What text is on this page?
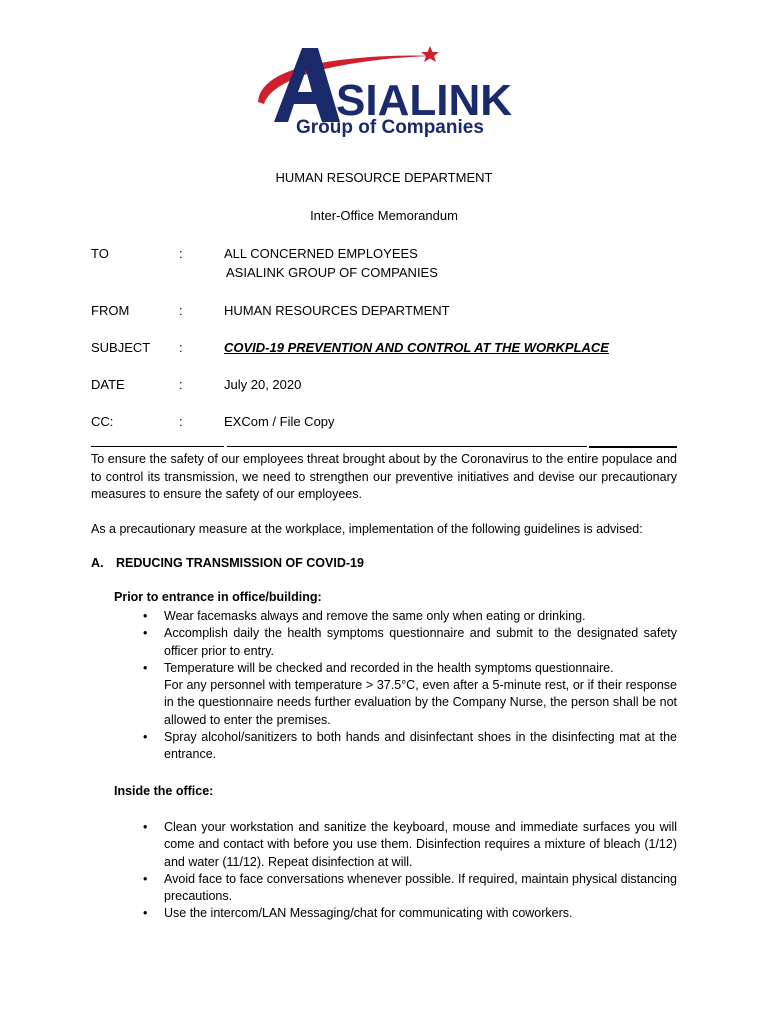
SIALINK
Group of Companies
HUMAN RESOURCE DEPARTMENT
Inter-Office Memorandum
TO	:	ALL CONCERNED EMPLOYEES
ASIALINK GROUP OF COMPANIES
FROM	:	HUMAN RESOURCES DEPARTMENT
SUBJECT :	COVID-19 PREVENTION AND CONTROL AT THE WORKPLACE
DATE	:	July 20, 2020
CC:	:	EXCom / File Copy
To ensure the safety of our employees threat brought about by the Coronavirus to the entire populace and to control its transmission, we need to strengthen our preventive initiatives and devise our precautionary measures to ensure the safety of our employees.
As a precautionary measure at the workplace, implementation of the following guidelines is advised:
A. REDUCING TRANSMISSION OF COVID-19
Prior to entrance in office/building:
• Wear facemasks always and remove the same only when eating or drinking.
• Accomplish daily the health symptoms questionnaire and submit to the designated safety officer prior to entry.
• Temperature will be checked and recorded in the health symptoms questionnaire.
For any personnel with temperature > 37.5°C, even after a 5-minute rest, or if their response in the questionnaire needs further evaluation by the Company Nurse, the person shall be not allowed to enter the premises.
• Spray alcohol/sanitizers to both hands and disinfectant shoes in the disinfecting mat at the entrance.
Inside the office:
• Clean your workstation and sanitize the keyboard, mouse and immediate surfaces you will come and contact with before you use them. Disinfection requires a mixture of bleach (1/12) and water (11/12). Repeat disinfection at will.
• Avoid face to face conversations whenever possible. If required, maintain physical distancing precautions.
• Use the intercom/LAN Messaging/chat for communicating with coworkers.
